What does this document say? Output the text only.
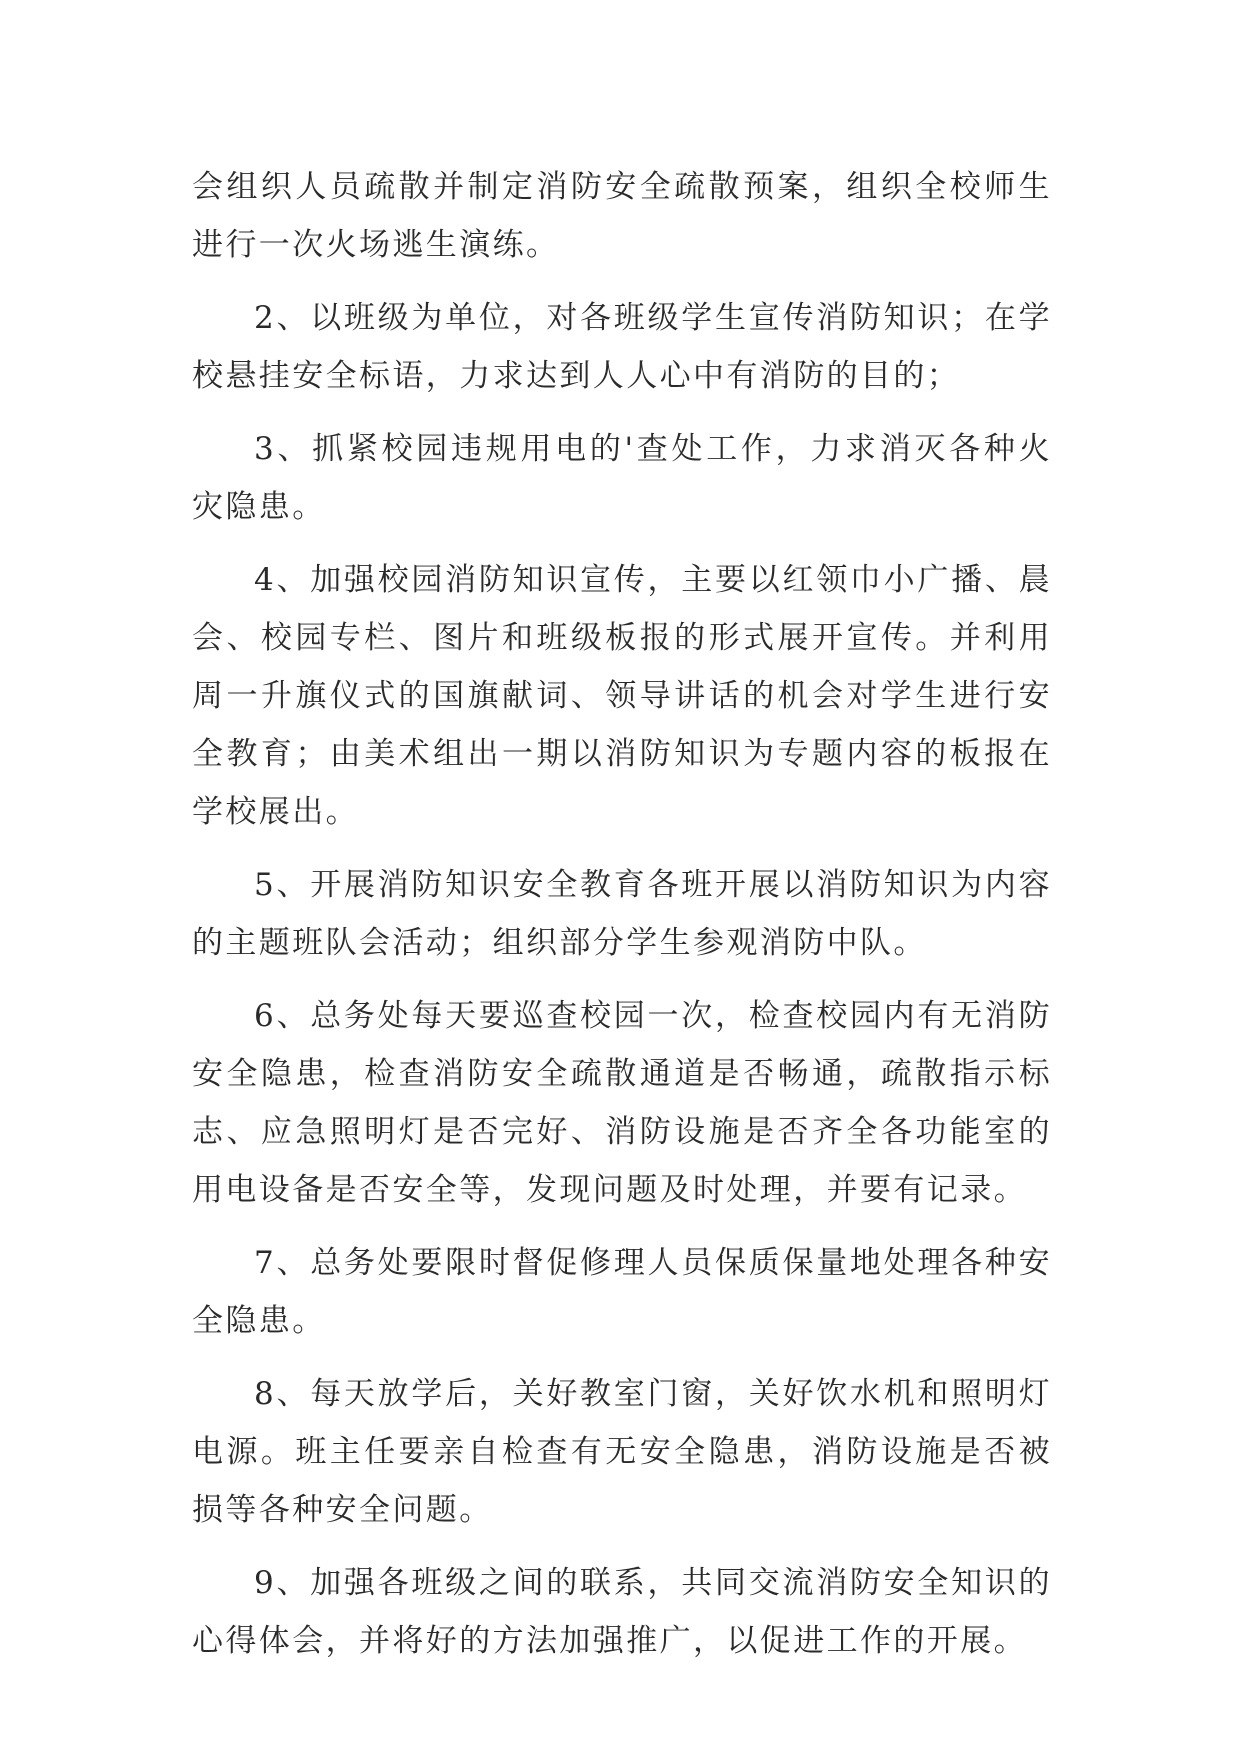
会组织人员疏散并制定消防安全疏散预案，组织全校师生进行一次火场逃生演练。

2、以班级为单位，对各班级学生宣传消防知识；在学校悬挂安全标语，力求达到人人心中有消防的目的；

3、抓紧校园违规用电的'查处工作，力求消灭各种火灾隐患。

4、加强校园消防知识宣传，主要以红领巾小广播、晨会、校园专栏、图片和班级板报的形式展开宣传。并利用周一升旗仪式的国旗献词、领导讲话的机会对学生进行安全教育；由美术组出一期以消防知识为专题内容的板报在学校展出。

5、开展消防知识安全教育各班开展以消防知识为内容的主题班队会活动；组织部分学生参观消防中队。

6、总务处每天要巡查校园一次，检查校园内有无消防安全隐患，检查消防安全疏散通道是否畅通，疏散指示标志、应急照明灯是否完好、消防设施是否齐全各功能室的用电设备是否安全等，发现问题及时处理，并要有记录。

7、总务处要限时督促修理人员保质保量地处理各种安全隐患。

8、每天放学后，关好教室门窗，关好饮水机和照明灯电源。班主任要亲自检查有无安全隐患，消防设施是否被损等各种安全问题。

9、加强各班级之间的联系，共同交流消防安全知识的心得体会，并将好的方法加强推广，以促进工作的开展。
